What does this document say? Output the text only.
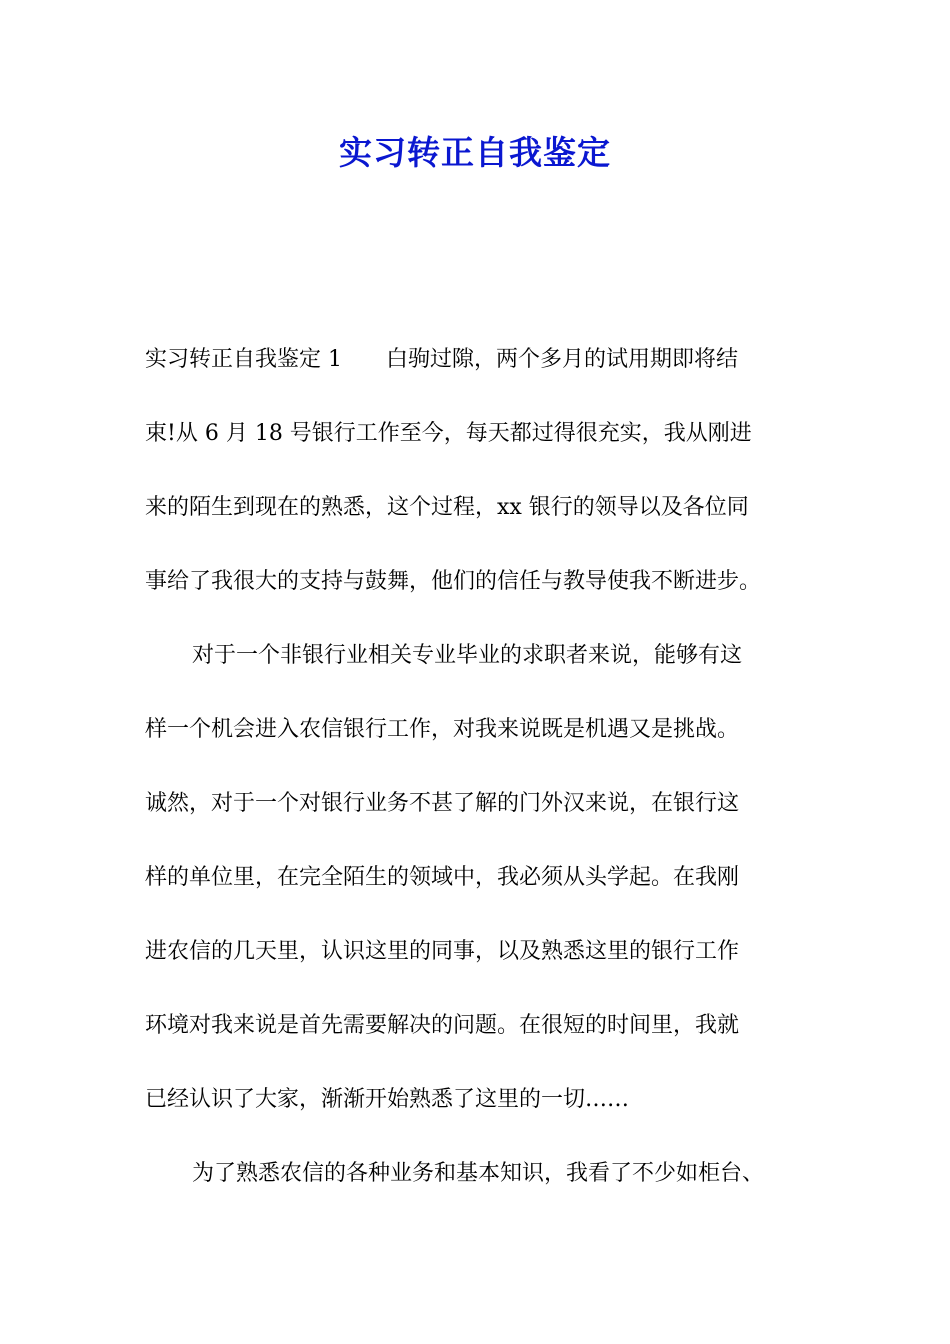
实习转正自我鉴定
实习转正自我鉴定 1　　白驹过隙，两个多月的试用期即将结
束!从 6 月 18 号银行工作至今，每天都过得很充实，我从刚进
来的陌生到现在的熟悉，这个过程，xx 银行的领导以及各位同
事给了我很大的支持与鼓舞，他们的信任与教导使我不断进步。
对于一个非银行业相关专业毕业的求职者来说，能够有这
样一个机会进入农信银行工作，对我来说既是机遇又是挑战。
诚然，对于一个对银行业务不甚了解的门外汉来说，在银行这
样的单位里，在完全陌生的领域中，我必须从头学起。在我刚
进农信的几天里，认识这里的同事，以及熟悉这里的银行工作
环境对我来说是首先需要解决的问题。在很短的时间里，我就
已经认识了大家，渐渐开始熟悉了这里的一切……
为了熟悉农信的各种业务和基本知识，我看了不少如柜台、
